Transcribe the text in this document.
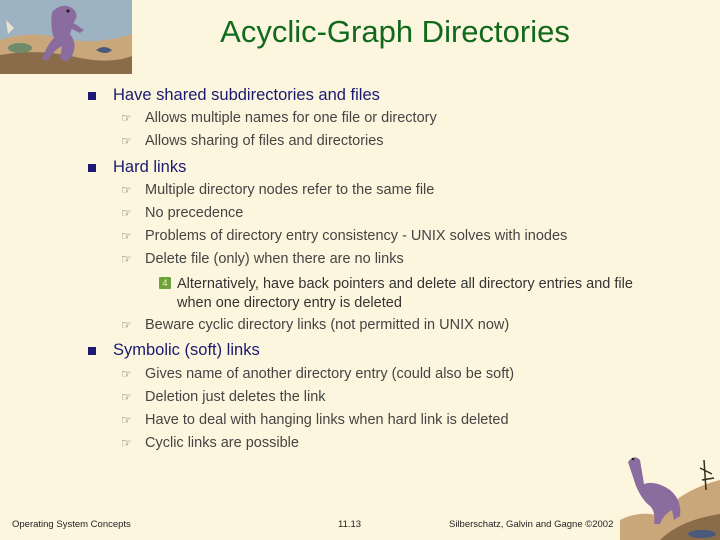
Acyclic-Graph Directories
Have shared subdirectories and files
☞ Allows multiple names for one file or directory
☞ Allows sharing of files and directories
Hard links
☞ Multiple directory nodes refer to the same file
☞ No precedence
☞ Problems of directory entry consistency - UNIX solves with inodes
☞ Delete file (only) when there are no links
4 Alternatively, have back pointers and delete all directory entries and file when one directory entry is deleted
☞ Beware cyclic directory links (not permitted in UNIX now)
Symbolic (soft) links
☞ Gives name of another directory entry (could also be soft)
☞ Deletion just deletes the link
☞ Have to deal with hanging links when hard link is deleted
☞ Cyclic links are possible
Operating System Concepts	11.13	Silberschatz, Galvin and Gagne ©2002
